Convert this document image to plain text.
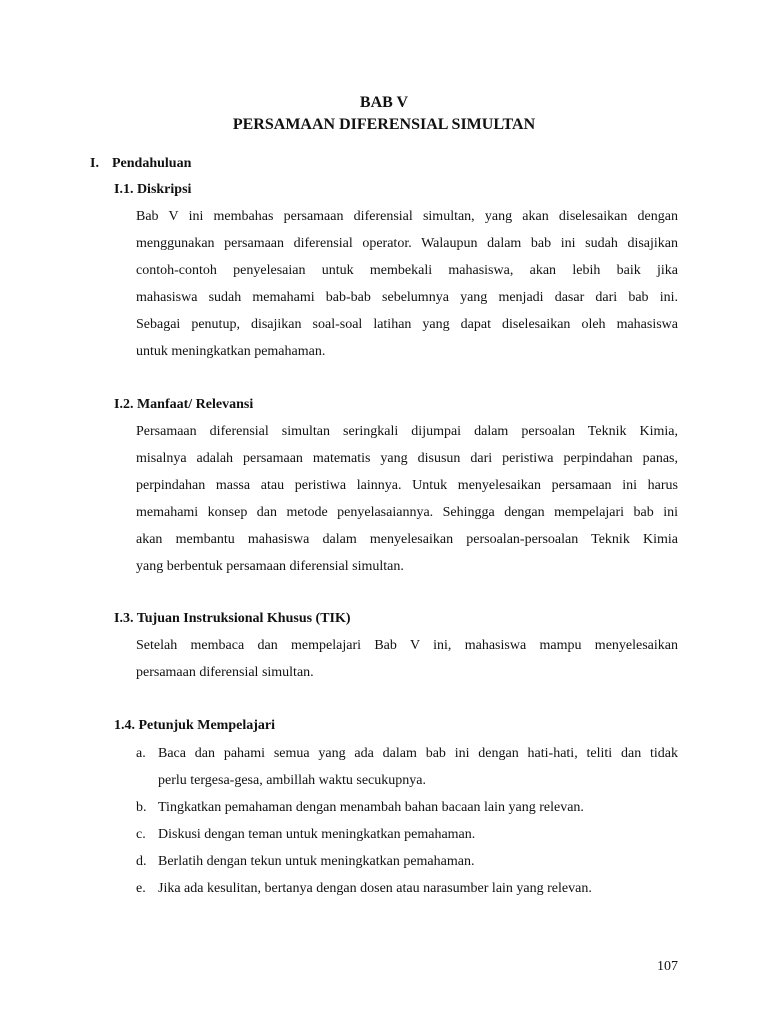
BAB V
PERSAMAAN DIFERENSIAL SIMULTAN
I. Pendahuluan
I.1. Diskripsi
Bab V ini membahas persamaan diferensial simultan, yang akan diselesaikan dengan
menggunakan persamaan diferensial operator. Walaupun dalam bab ini sudah disajikan
contoh-contoh penyelesaian untuk membekali mahasiswa, akan lebih baik jika
mahasiswa sudah memahami bab-bab sebelumnya yang menjadi dasar dari bab ini.
Sebagai penutup, disajikan soal-soal latihan yang dapat diselesaikan oleh mahasiswa
untuk meningkatkan pemahaman.
I.2. Manfaat/ Relevansi
Persamaan diferensial simultan seringkali dijumpai dalam persoalan Teknik Kimia,
misalnya adalah persamaan matematis yang disusun dari peristiwa perpindahan panas,
perpindahan massa atau peristiwa lainnya. Untuk menyelesaikan persamaan ini harus
memahami konsep dan metode penyelasaiannya. Sehingga dengan mempelajari bab ini
akan membantu mahasiswa dalam menyelesaikan persoalan-persoalan Teknik Kimia
yang berbentuk persamaan diferensial simultan.
I.3. Tujuan Instruksional Khusus (TIK)
Setelah membaca dan mempelajari Bab V ini, mahasiswa mampu menyelesaikan
persamaan diferensial simultan.
1.4. Petunjuk Mempelajari
a. Baca dan pahami semua yang ada dalam bab ini dengan hati-hati, teliti dan tidak
perlu tergesa-gesa, ambillah waktu secukupnya.
b. Tingkatkan pemahaman dengan menambah bahan bacaan lain yang relevan.
c. Diskusi dengan teman untuk meningkatkan pemahaman.
d. Berlatih dengan tekun untuk meningkatkan pemahaman.
e. Jika ada kesulitan, bertanya dengan dosen atau narasumber lain yang relevan.
107
